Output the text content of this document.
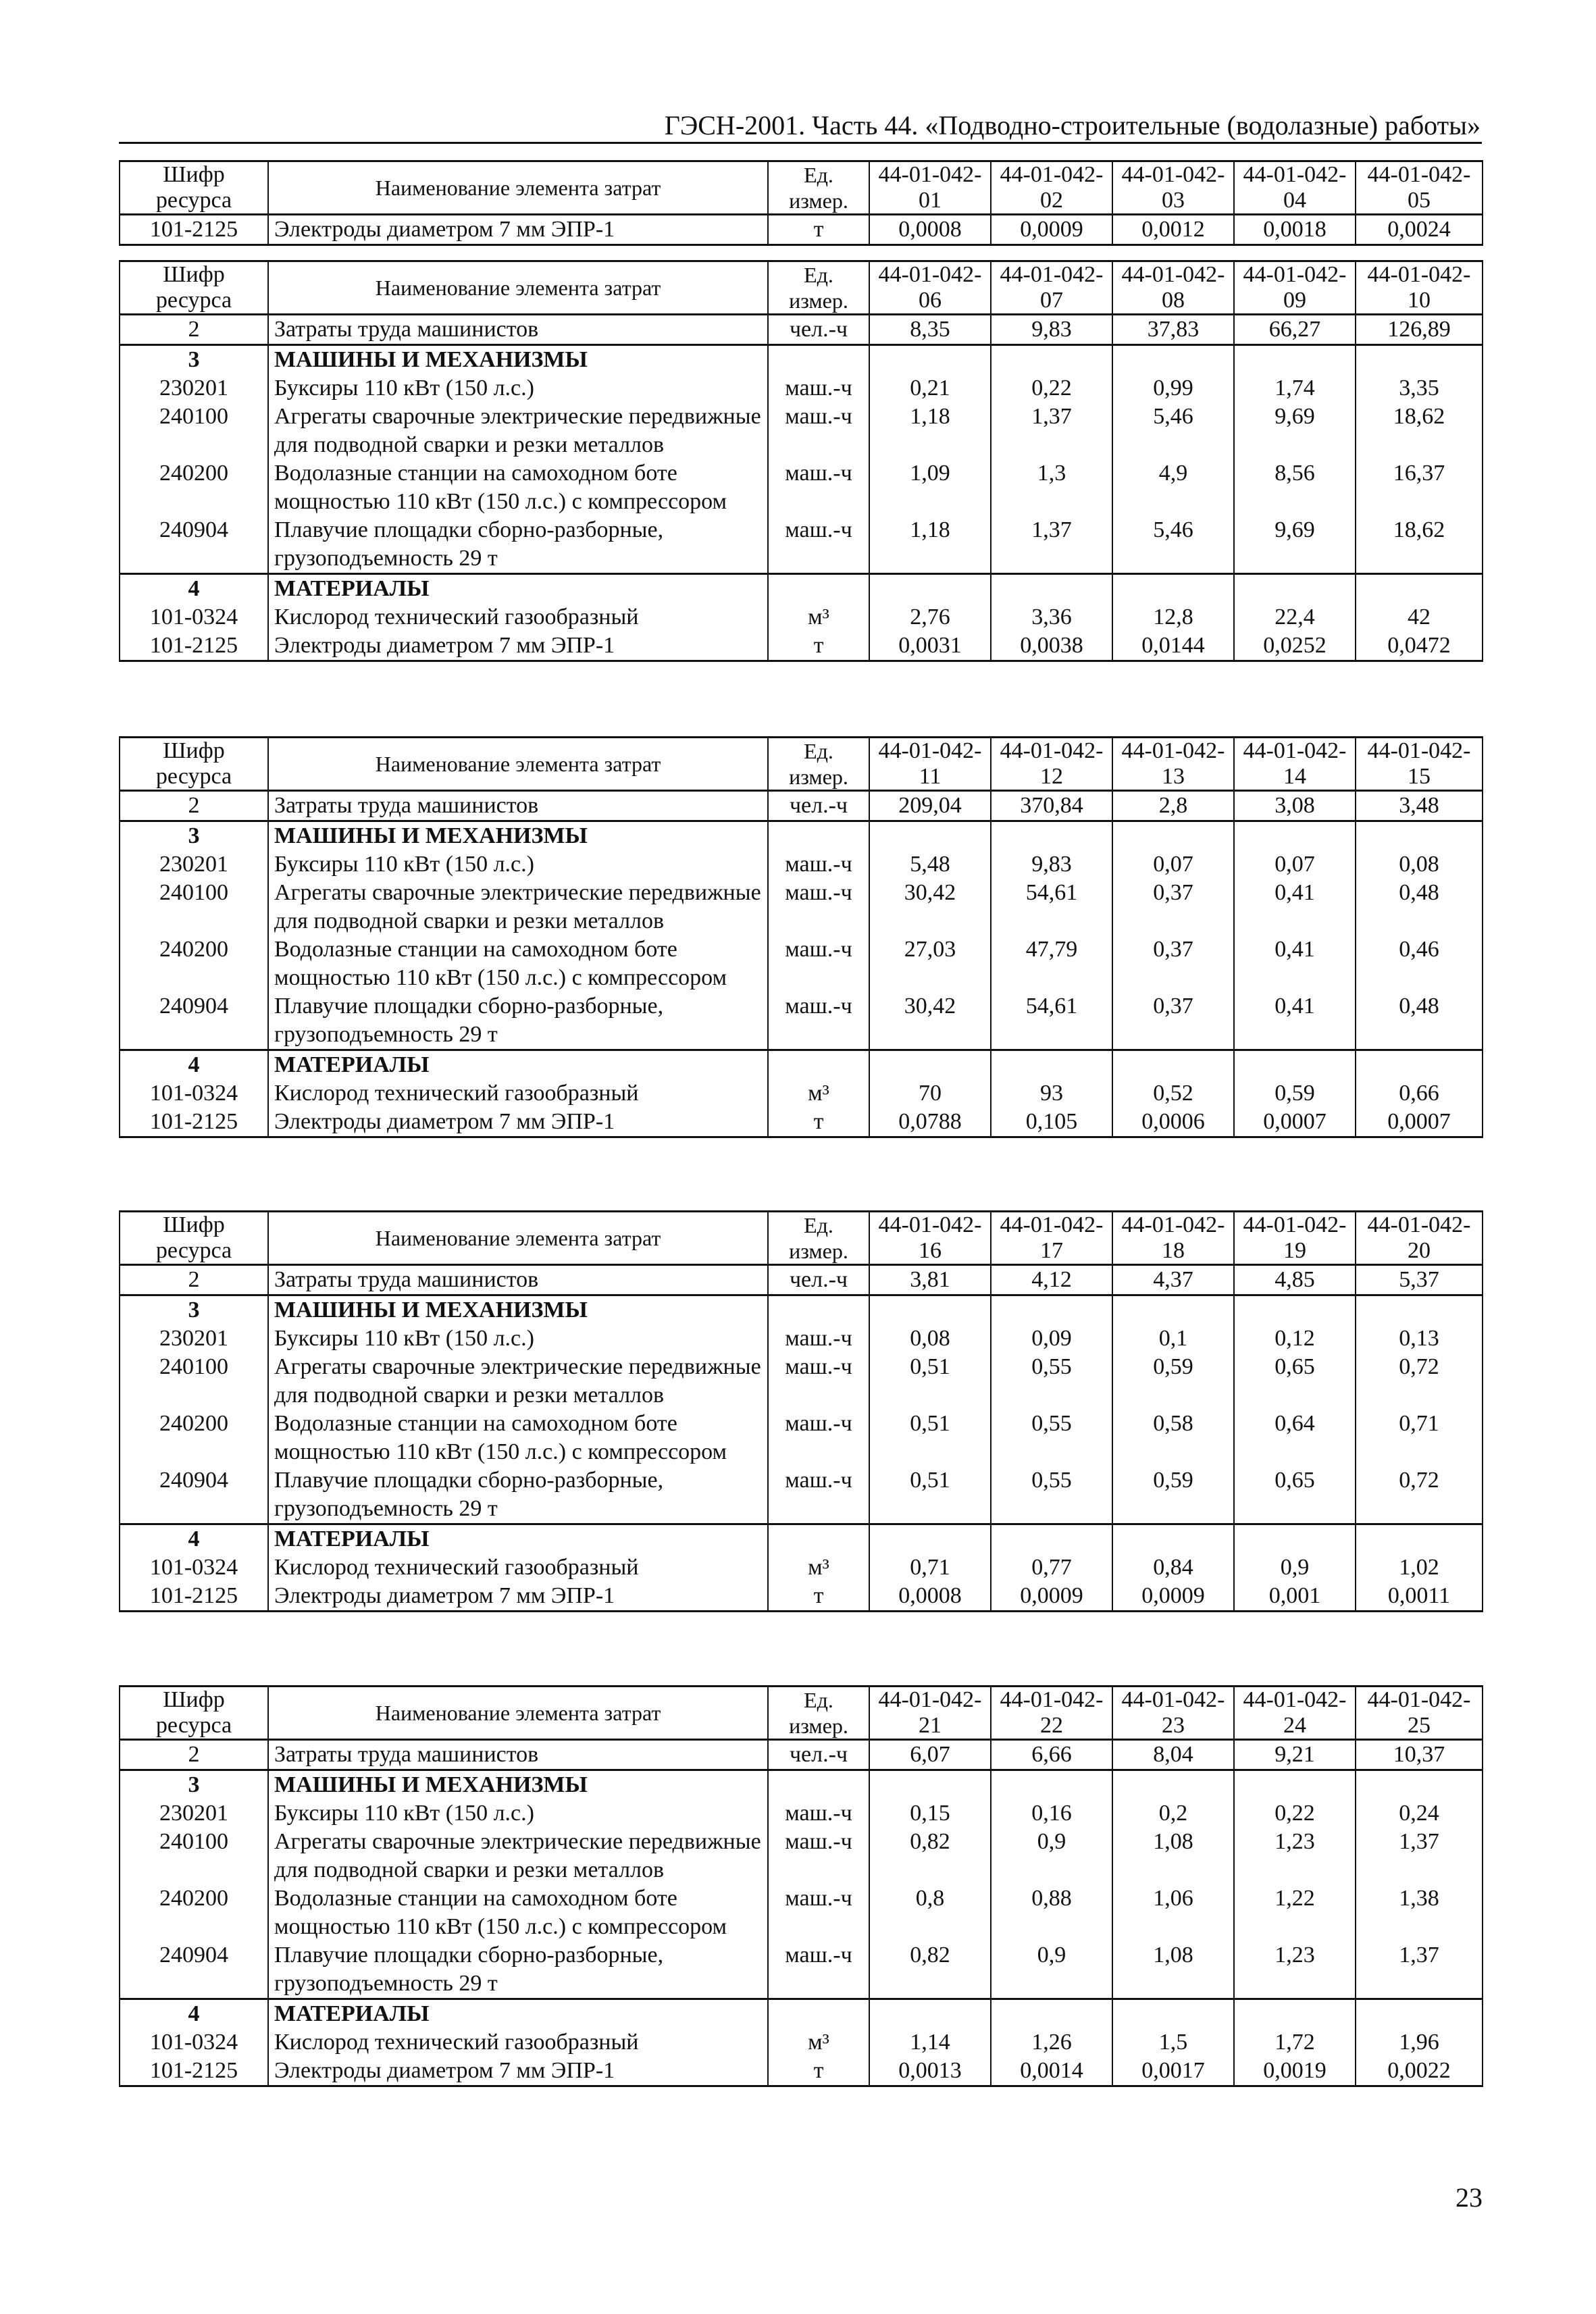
ГЭСН-2001. Часть 44. «Подводно-строительные (водолазные) работы»
Шифр ресурса	Наименование элемента затрат	Ед. измер.	44-01-042-01	44-01-042-02	44-01-042-03	44-01-042-04	44-01-042-05
101-2125	Электроды диаметром 7 мм ЭПР-1	т	0,0008	0,0009	0,0012	0,0018	0,0024
Шифр ресурса	Наименование элемента затрат	Ед. измер.	44-01-042-06	44-01-042-07	44-01-042-08	44-01-042-09	44-01-042-10
2	Затраты труда машинистов	чел.-ч	8,35	9,83	37,83	66,27	126,89
3	МАШИНЫ И МЕХАНИЗМЫ						
230201	Буксиры 110 кВт (150 л.с.)	маш.-ч	0,21	0,22	0,99	1,74	3,35
240100	Агрегаты сварочные электрические передвижные для подводной сварки и резки металлов	маш.-ч	1,18	1,37	5,46	9,69	18,62
240200	Водолазные станции на самоходном боте мощностью 110 кВт (150 л.с.) с компрессором	маш.-ч	1,09	1,3	4,9	8,56	16,37
240904	Плавучие площадки сборно-разборные, грузоподъемность 29 т	маш.-ч	1,18	1,37	5,46	9,69	18,62
4	МАТЕРИАЛЫ						
101-0324	Кислород технический газообразный	м³	2,76	3,36	12,8	22,4	42
101-2125	Электроды диаметром 7 мм ЭПР-1	т	0,0031	0,0038	0,0144	0,0252	0,0472
Шифр ресурса	Наименование элемента затрат	Ед. измер.	44-01-042-11	44-01-042-12	44-01-042-13	44-01-042-14	44-01-042-15
2	Затраты труда машинистов	чел.-ч	209,04	370,84	2,8	3,08	3,48
3	МАШИНЫ И МЕХАНИЗМЫ						
230201	Буксиры 110 кВт (150 л.с.)	маш.-ч	5,48	9,83	0,07	0,07	0,08
240100	Агрегаты сварочные электрические передвижные для подводной сварки и резки металлов	маш.-ч	30,42	54,61	0,37	0,41	0,48
240200	Водолазные станции на самоходном боте мощностью 110 кВт (150 л.с.) с компрессором	маш.-ч	27,03	47,79	0,37	0,41	0,46
240904	Плавучие площадки сборно-разборные, грузоподъемность 29 т	маш.-ч	30,42	54,61	0,37	0,41	0,48
4	МАТЕРИАЛЫ						
101-0324	Кислород технический газообразный	м³	70	93	0,52	0,59	0,66
101-2125	Электроды диаметром 7 мм ЭПР-1	т	0,0788	0,105	0,0006	0,0007	0,0007
Шифр ресурса	Наименование элемента затрат	Ед. измер.	44-01-042-16	44-01-042-17	44-01-042-18	44-01-042-19	44-01-042-20
2	Затраты труда машинистов	чел.-ч	3,81	4,12	4,37	4,85	5,37
3	МАШИНЫ И МЕХАНИЗМЫ						
230201	Буксиры 110 кВт (150 л.с.)	маш.-ч	0,08	0,09	0,1	0,12	0,13
240100	Агрегаты сварочные электрические передвижные для подводной сварки и резки металлов	маш.-ч	0,51	0,55	0,59	0,65	0,72
240200	Водолазные станции на самоходном боте мощностью 110 кВт (150 л.с.) с компрессором	маш.-ч	0,51	0,55	0,58	0,64	0,71
240904	Плавучие площадки сборно-разборные, грузоподъемность 29 т	маш.-ч	0,51	0,55	0,59	0,65	0,72
4	МАТЕРИАЛЫ						
101-0324	Кислород технический газообразный	м³	0,71	0,77	0,84	0,9	1,02
101-2125	Электроды диаметром 7 мм ЭПР-1	т	0,0008	0,0009	0,0009	0,001	0,0011
Шифр ресурса	Наименование элемента затрат	Ед. измер.	44-01-042-21	44-01-042-22	44-01-042-23	44-01-042-24	44-01-042-25
2	Затраты труда машинистов	чел.-ч	6,07	6,66	8,04	9,21	10,37
3	МАШИНЫ И МЕХАНИЗМЫ						
230201	Буксиры 110 кВт (150 л.с.)	маш.-ч	0,15	0,16	0,2	0,22	0,24
240100	Агрегаты сварочные электрические передвижные для подводной сварки и резки металлов	маш.-ч	0,82	0,9	1,08	1,23	1,37
240200	Водолазные станции на самоходном боте мощностью 110 кВт (150 л.с.) с компрессором	маш.-ч	0,8	0,88	1,06	1,22	1,38
240904	Плавучие площадки сборно-разборные, грузоподъемность 29 т	маш.-ч	0,82	0,9	1,08	1,23	1,37
4	МАТЕРИАЛЫ						
101-0324	Кислород технический газообразный	м³	1,14	1,26	1,5	1,72	1,96
101-2125	Электроды диаметром 7 мм ЭПР-1	т	0,0013	0,0014	0,0017	0,0019	0,0022
23
